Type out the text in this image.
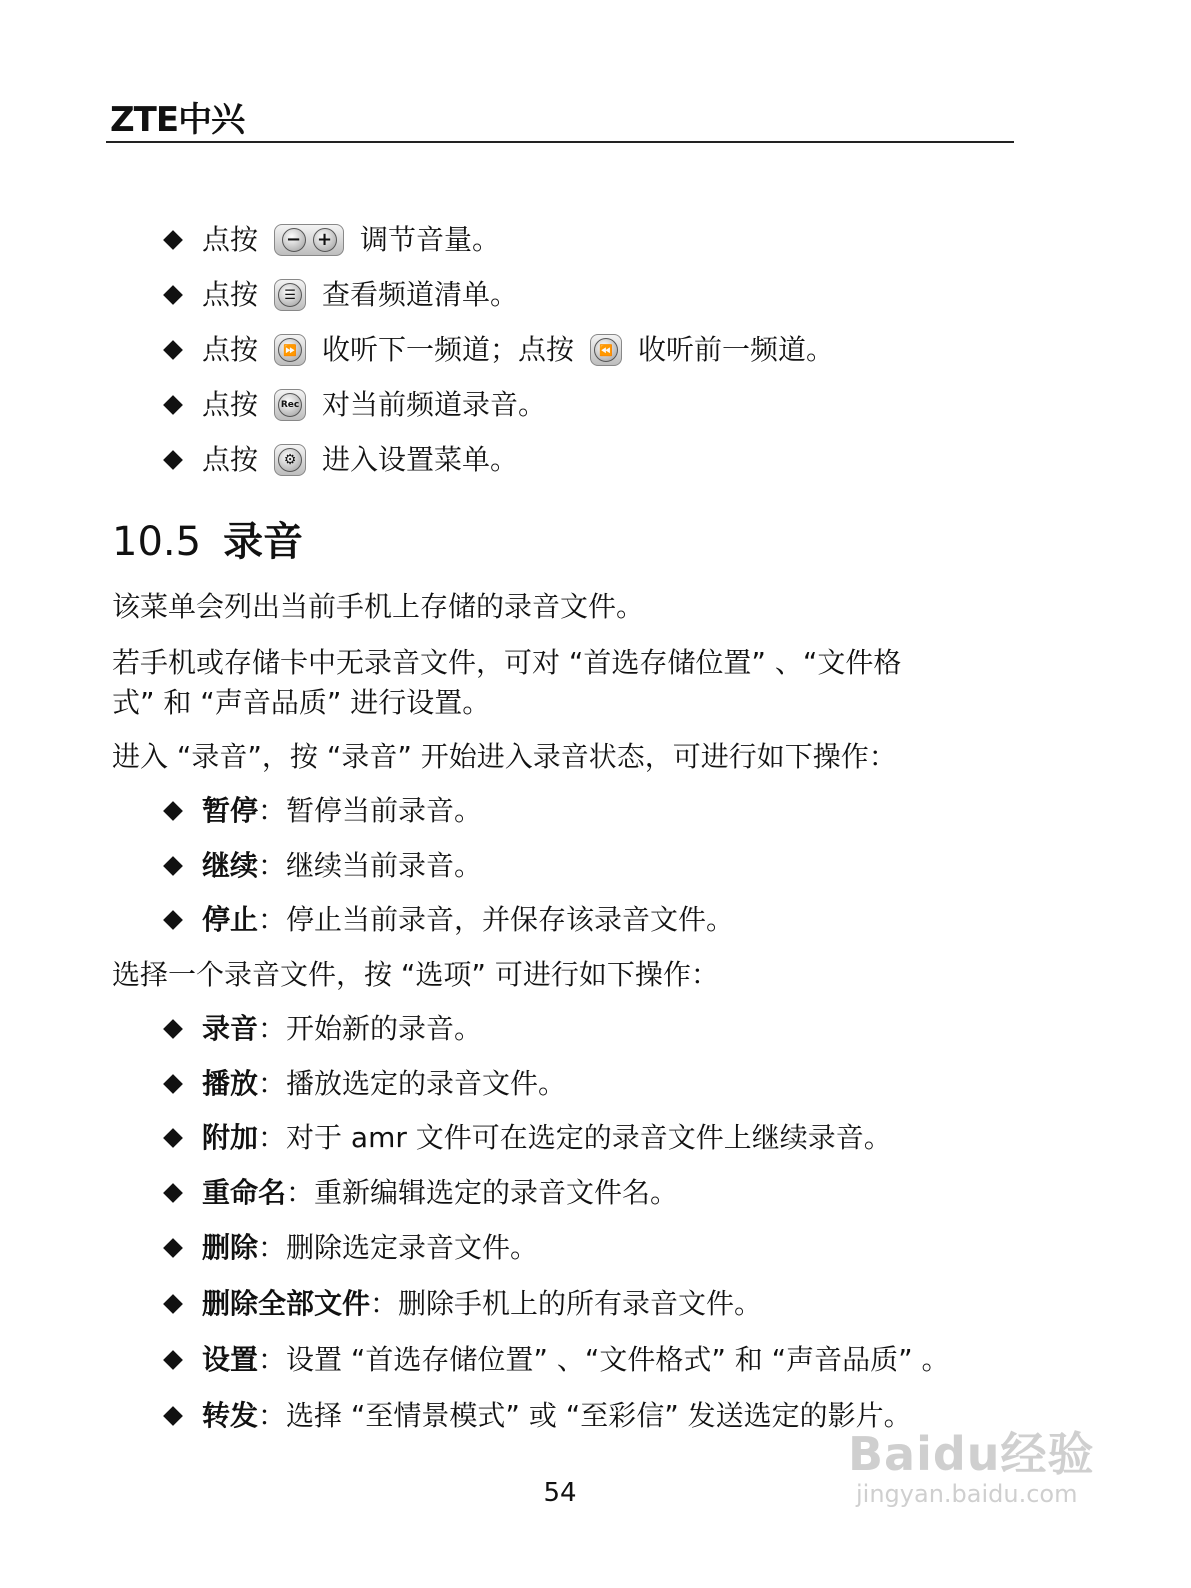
ZTE中兴
点按 − + 调节音量。
点按 ☰ 查看频道清单。
点按 ⏩ 收听下一频道；点按 ⏪ 收听前一频道。
点按	Rec 对当前频道录音。
点按 ⚙ 进入设置菜单。
10.5 录音
该菜单会列出当前手机上存储的录音文件。
若手机或存储卡中无录音文件，可对 “首选存储位置” 、“文件格
式” 和 “声音品质” 进行设置。
进入 “录音”，按 “录音” 开始进入录音状态，可进行如下操作：
暂停 ：暂停当前录音。
继续 ：继续当前录音。
停止 ：停止当前录音，并保存该录音文件。
选择一个录音文件，按 “选项” 可进行如下操作：
录音 ：开始新的录音。
播放 ：播放选定的录音文件。
附加 ：对于 amr 文件可在选定的录音文件上继续录音。
重命名 ：重新编辑选定的录音文件名。
删除 ：删除选定录音文件。
删除全部文件 ：删除手机上的所有录音文件。
设置 ：设置 “首选存储位置” 、“文件格式” 和 “声音品质” 。
转发 ：选择 “至情景模式” 或 “至彩信” 发送选定的影片。
54
Baidu经验
jingyan.baidu.com
